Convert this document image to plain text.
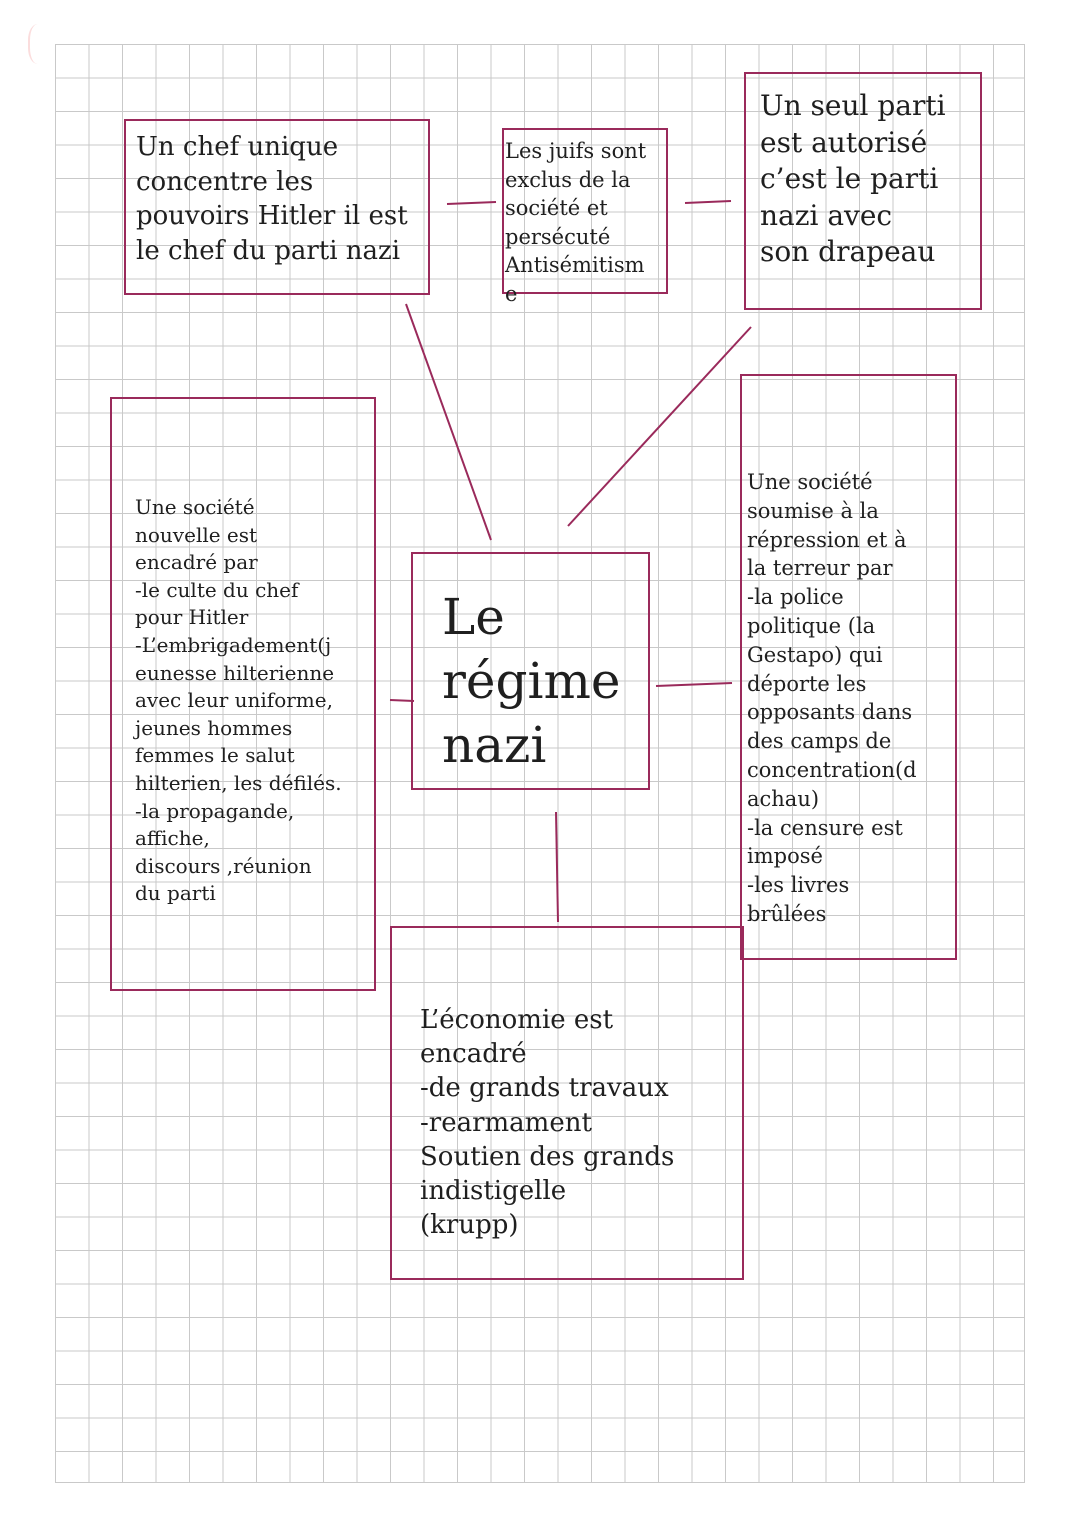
Un chef unique
concentre les
pouvoirs Hitler il est
le chef du parti nazi
Les juifs sont
exclus de la
société et
persécuté
Antisémitism
e
Un seul parti
est autorisé
c’est le parti
nazi avec
son drapeau
Une société
nouvelle est
encadré par
-le culte du chef
pour Hitler
-L’embrigadement(j
eunesse hilterienne
avec leur uniforme,
jeunes hommes
femmes le salut
hilterien, les défilés.
-la propagande,
affiche,
discours ,réunion
du parti
Le
régime
nazi
Une société
soumise à la
répression et à
la terreur par
-la police
politique (la
Gestapo) qui
déporte les
opposants dans
des camps de
concentration(d
achau)
-la censure est
imposé
-les livres
brûlées
L’économie est
encadré
-de grands travaux
-rearmament
Soutien des grands
indistigelle
(krupp)
